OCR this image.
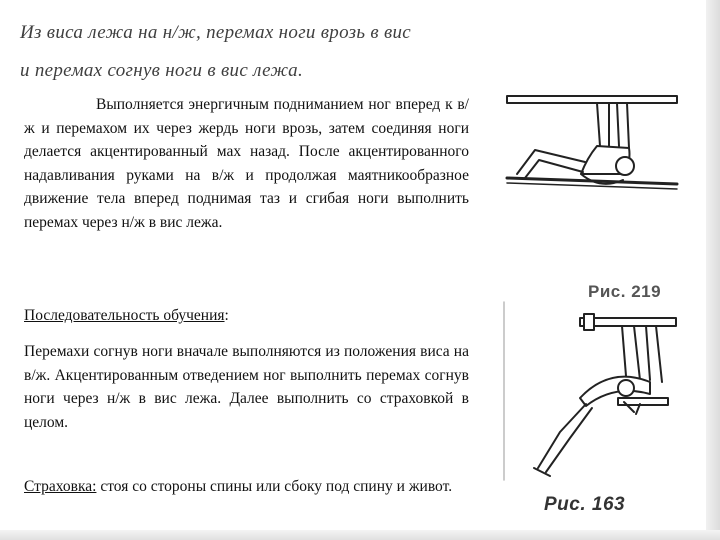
Из виса лежа на н/ж, перемах ноги врозь в вис
и перемах согнув ноги в вис лежа.
Выполняется энергичным подниманием ног вперед к в/ж и перемахом их через жердь ноги врозь, затем соединяя ноги делается акцентированный мах назад. После акцентированного надавливания руками на в/ж и продолжая маятникообразное движение тела вперед поднимая таз и сгибая ноги выполнить перемах через н/ж в вис лежа.
Последовательность обучения:
Перемахи согнув ноги вначале выполняются из положения виса на в/ж. Акцентированным отведением ног выполнить перемах согнув ноги через н/ж в вис лежа. Далее выполнить со страховкой в целом.
Страховка: стоя со стороны спины или сбоку под спину и живот.
Рис. 219
Рис. 163
